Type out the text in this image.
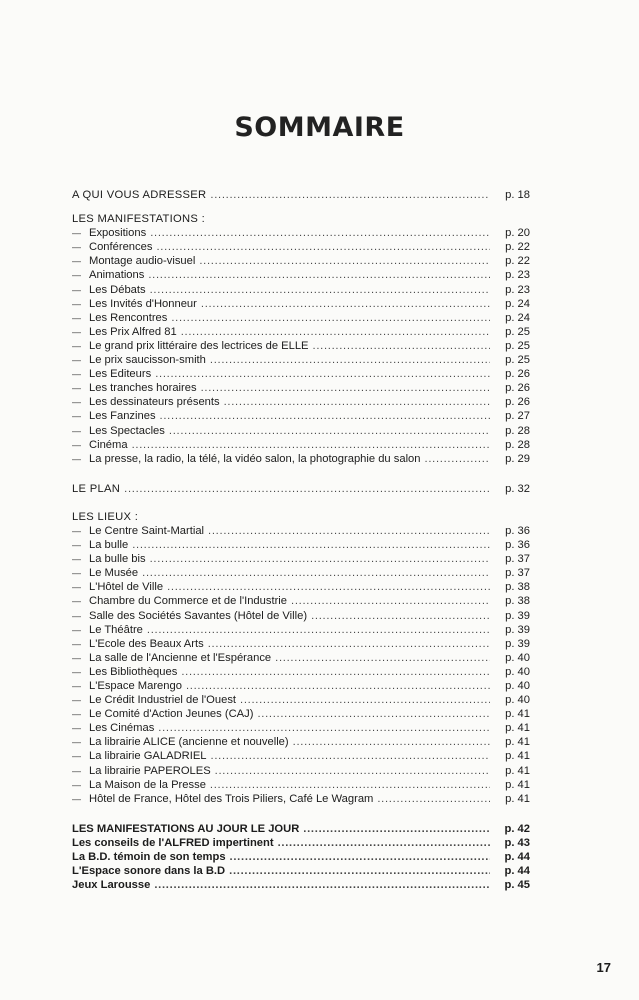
SOMMAIRE
A QUI VOUS ADRESSER . . .	p. 18
LES MANIFESTATIONS :
— Expositions . . .	p. 20
— Conférences . . .	p. 22
— Montage audio-visuel . . .	p. 22
— Animations . . .	p. 23
— Les Débats . . .	p. 23
— Les Invités d'Honneur . . .	p. 24
— Les Rencontres . . .	p. 24
— Les Prix Alfred 81 . . .	p. 25
— Le grand prix littéraire des lectrices de ELLE . . .	p. 25
— Le prix saucisson-smith . . .	p. 25
— Les Editeurs . . .	p. 26
— Les tranches horaires . . .	p. 26
— Les dessinateurs présents . . .	p. 26
— Les Fanzines . . .	p. 27
— Les Spectacles . . .	p. 28
— Cinéma . . .	p. 28
— La presse, la radio, la télé, la vidéo salon, la photographie du salon . . .	p. 29
LE PLAN . . .	p. 32
LES LIEUX :
— Le Centre Saint-Martial . . .	p. 36
— La bulle . . .	p. 36
— La bulle bis . . .	p. 37
— Le Musée . . .	p. 37
— L'Hôtel de Ville . . .	p. 38
— Chambre du Commerce et de l'Industrie . . .	p. 38
— Salle des Sociétés Savantes (Hôtel de Ville) . . .	p. 39
— Le Théâtre . . .	p. 39
— L'Ecole des Beaux Arts . . .	p. 39
— La salle de l'Ancienne et l'Espérance . . .	p. 40
— Les Bibliothèques . . .	p. 40
— L'Espace Marengo . . .	p. 40
— Le Crédit Industriel de l'Ouest . . .	p. 40
— Le Comité d'Action Jeunes (CAJ) . . .	p. 41
— Les Cinémas . . .	p. 41
— La librairie ALICE (ancienne et nouvelle) . . .	p. 41
— La librairie GALADRIEL . . .	p. 41
— La librairie PAPEROLES . . .	p. 41
— La Maison de la Presse . . .	p. 41
— Hôtel de France, Hôtel des Trois Piliers, Café Le Wagram . . .	p. 41
LES MANIFESTATIONS AU JOUR LE JOUR . . .	p. 42
Les conseils de l'ALFRED impertinent . . .	p. 43
La B.D. témoin de son temps . . .	p. 44
L'Espace sonore dans la B.D . . .	p. 44
Jeux Larousse . . .	p. 45
17
